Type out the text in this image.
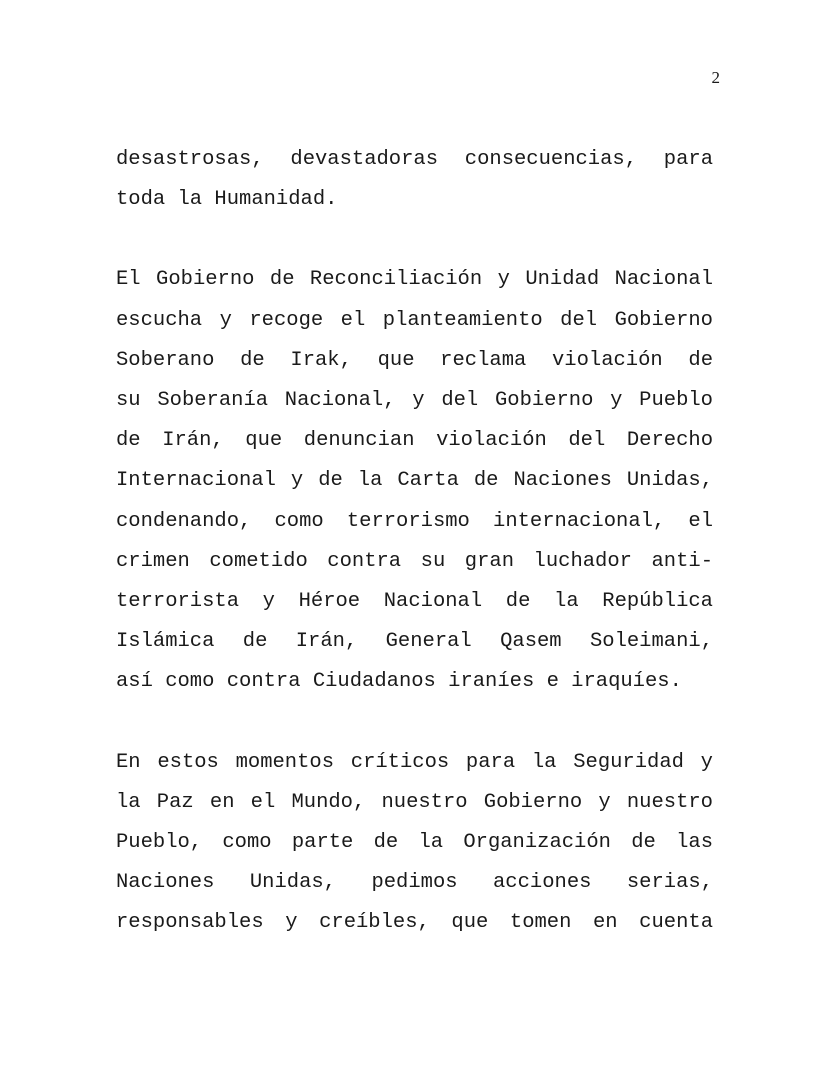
2
desastrosas, devastadoras consecuencias, para
toda la Humanidad.
El Gobierno de Reconciliación y Unidad Nacional
escucha y recoge el planteamiento del Gobierno
Soberano de Irak, que reclama violación de
su Soberanía Nacional, y del Gobierno y Pueblo
de Irán, que denuncian violación del Derecho
Internacional y de la Carta de Naciones Unidas,
condenando, como terrorismo internacional, el
crimen cometido contra su gran luchador anti-
terrorista y Héroe Nacional de la República
Islámica de Irán, General Qasem Soleimani,
así como contra Ciudadanos iraníes e iraquíes.
En estos momentos críticos para la Seguridad y
la Paz en el Mundo, nuestro Gobierno y nuestro
Pueblo, como parte de la Organización de las
Naciones Unidas, pedimos acciones serias,
responsables y creíbles, que tomen en cuenta
